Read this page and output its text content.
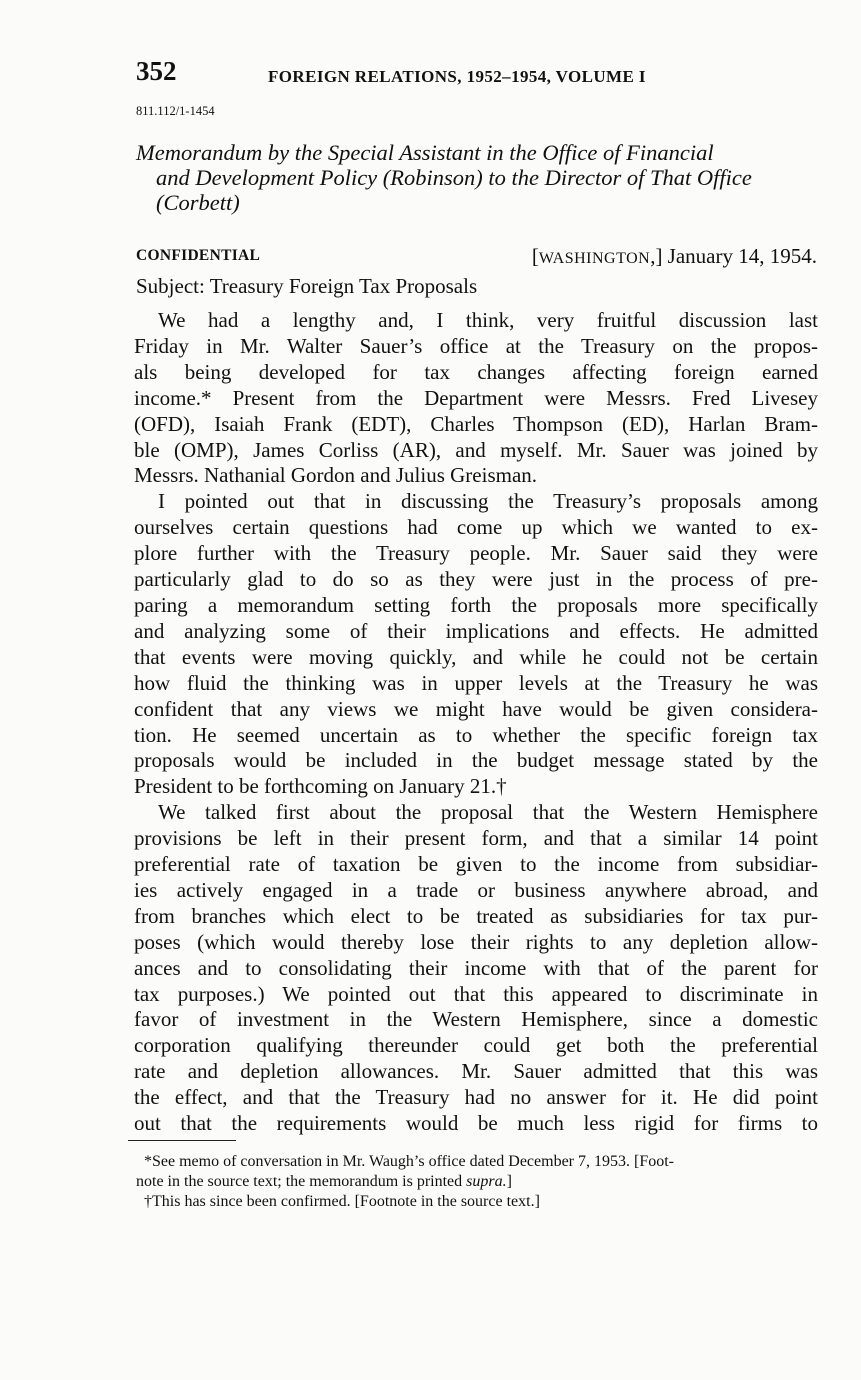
352	FOREIGN RELATIONS, 1952–1954, VOLUME I
811.112/1-1454
Memorandum by the Special Assistant in the Office of Financial
and Development Policy (Robinson) to the Director of That Office
(Corbett)
CONFIDENTIAL	[WASHINGTON,] January 14, 1954.
Subject: Treasury Foreign Tax Proposals
We had a lengthy and, I think, very fruitful discussion last
Friday in Mr. Walter Sauer’s office at the Treasury on the propos-
als being developed for tax changes affecting foreign earned
income.* Present from the Department were Messrs. Fred Livesey
(OFD), Isaiah Frank (EDT), Charles Thompson (ED), Harlan Bram-
ble (OMP), James Corliss (AR), and myself. Mr. Sauer was joined by
Messrs. Nathanial Gordon and Julius Greisman.
I pointed out that in discussing the Treasury’s proposals among
ourselves certain questions had come up which we wanted to ex-
plore further with the Treasury people. Mr. Sauer said they were
particularly glad to do so as they were just in the process of pre-
paring a memorandum setting forth the proposals more specifically
and analyzing some of their implications and effects. He admitted
that events were moving quickly, and while he could not be certain
how fluid the thinking was in upper levels at the Treasury he was
confident that any views we might have would be given considera-
tion. He seemed uncertain as to whether the specific foreign tax
proposals would be included in the budget message stated by the
President to be forthcoming on January 21.†
We talked first about the proposal that the Western Hemisphere
provisions be left in their present form, and that a similar 14 point
preferential rate of taxation be given to the income from subsidiar-
ies actively engaged in a trade or business anywhere abroad, and
from branches which elect to be treated as subsidiaries for tax pur-
poses (which would thereby lose their rights to any depletion allow-
ances and to consolidating their income with that of the parent for
tax purposes.) We pointed out that this appeared to discriminate in
favor of investment in the Western Hemisphere, since a domestic
corporation qualifying thereunder could get both the preferential
rate and depletion allowances. Mr. Sauer admitted that this was
the effect, and that the Treasury had no answer for it. He did point
out that the requirements would be much less rigid for firms to
*See memo of conversation in Mr. Waugh’s office dated December 7, 1953. [Foot-
note in the source text; the memorandum is printed supra.]
†This has since been confirmed. [Footnote in the source text.]
